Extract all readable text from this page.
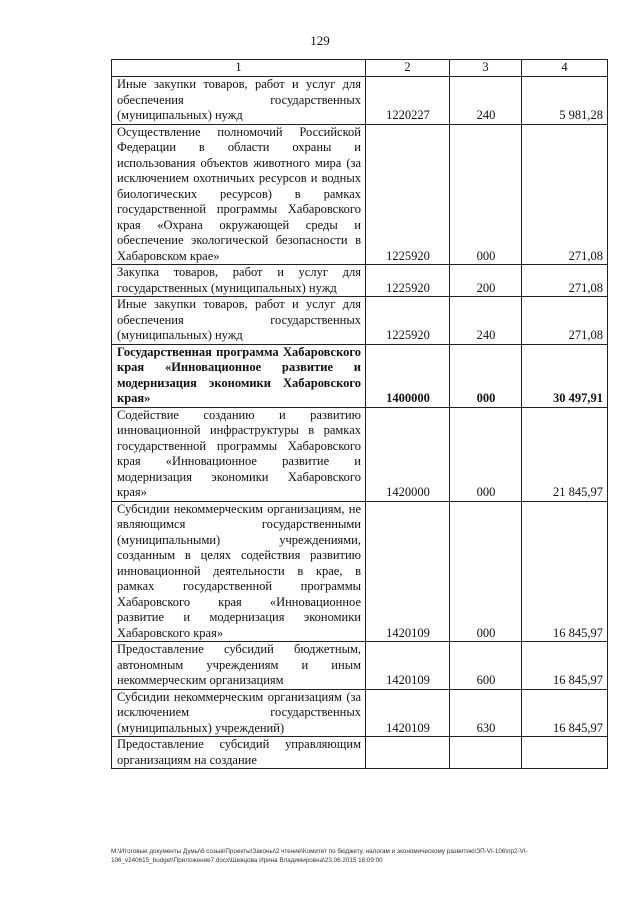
129
1	2	3	4
Иные закупки товаров, работ и услуг для обеспечения государственных (муниципальных) нужд	1220227	240	5 981,28
Осуществление полномочий Российской Федерации в области охраны и использования объектов животного мира (за исключением охотничьих ресурсов и водных биологических ресурсов) в рамках государственной программы Хабаровского края «Охрана окружающей среды и обеспечение экологической безопасности в Хабаровском крае»	1225920	000	271,08
Закупка товаров, работ и услуг для государственных (муниципальных) нужд	1225920	200	271,08
Иные закупки товаров, работ и услуг для обеспечения государственных (муниципальных) нужд	1225920	240	271,08
Государственная программа Хабаровского края «Инновационное развитие и модернизация экономики Хабаровского края»	1400000	000	30 497,91
Содействие созданию и развитию инновационной инфраструктуры в рамках государственной программы Хабаровского края «Инновационное развитие и модернизация экономики Хабаровского края»	1420000	000	21 845,97
Субсидии некоммерческим организациям, не являющимся государственными (муниципальными) учреждениями, созданным в целях содействия развитию инновационной деятельности в крае, в рамках государственной программы Хабаровского края «Инновационное развитие и модернизация экономики Хабаровского края»	1420109	000	16 845,97
Предоставление субсидий бюджетным, автономным учреждениям и иным некоммерческим организациям	1420109	600	16 845,97
Субсидии некоммерческим организациям (за исключением государственных (муниципальных) учреждений)	1420109	630	16 845,97
Предоставление субсидий управляющим организациям на создание			
M:\Итоговые документы Думы\6 созыв\Проекты\Законы\2 чтение\Комитет по бюджету, налогам и экономическому развитию\ЗП-VI-106\пр2-VI-
106_v240615_budget\Приложение7.docx\Шевцова Ирина Владимировна\23.06.2015 18:09:00
